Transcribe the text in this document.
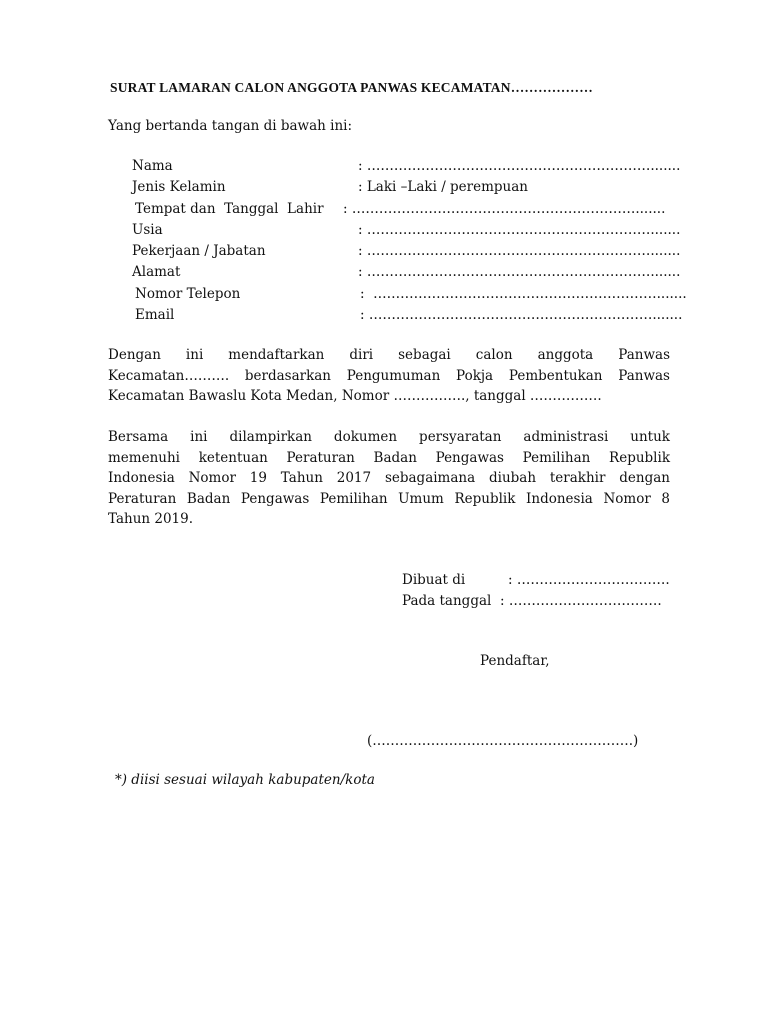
SURAT LAMARAN CALON ANGGOTA PANWAS KECAMATAN………………
Yang bertanda tangan di bawah ini:
Nama	: ……………………………………………………….......
Jenis Kelamin	: Laki –Laki / perempuan
Tempat dan  Tanggal  Lahir : ……………………………………………………….......
Usia	: ……………………………………………………….......
Pekerjaan / Jabatan	: ……………………………………………………….......
Alamat	: ……………………………………………………….......
Nomor Telepon	:  ……………………………………………………….......
Email	: ……………………………………………………….......
Dengan ini mendaftarkan diri sebagai calon anggota Panwas
Kecamatan………. berdasarkan Pengumuman Pokja Pembentukan Panwas
Kecamatan Bawaslu Kota Medan, Nomor ……………., tanggal …………….
Bersama ini dilampirkan dokumen persyaratan administrasi untuk
memenuhi ketentuan Peraturan Badan Pengawas Pemilihan Republik
Indonesia Nomor 19 Tahun 2017 sebagaimana diubah terakhir dengan
Peraturan Badan Pengawas Pemilihan Umum Republik Indonesia Nomor 8
Tahun 2019.
Dibuat di	: …………………………….
Pada tanggal : …………………………….
Pendaftar,
(………………………………………………….)
*) diisi sesuai wilayah kabupaten/kota
